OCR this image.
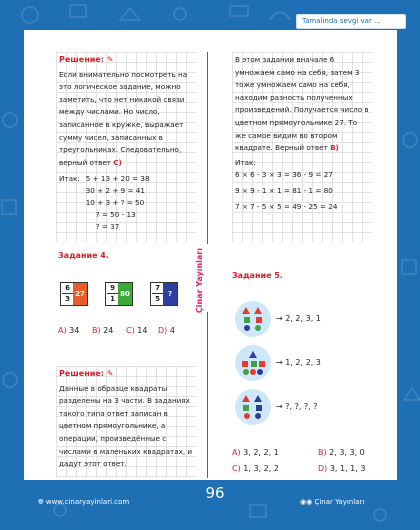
Tamalinda sevgi var ...
Решение: ✎
Если внимательно посмотреть на это логическое задание, можно заметить, что нет никакой связи между числами. Но число, записанное в кружке, выражает сумму чисел, записанных в треугольниках. Следовательно, верный ответ C)
Итак: 5 + 13 + 20 = 38
30 + 2 + 9 = 41
10 + 3 + ? = 50
? = 50 - 13
? = 37
Задание 4.
6
3
27
9
1
80
7
5
?
A) 34 B) 24 C) 14 D) 4
Решение: ✎
Данные в образце квадраты разделены на 3 части. В заданиях такого типа ответ записан в цветном прямоугольнике, а операции, произведённые с числами в маленьких квадратах, и дадут этот ответ.
Çinar Yayınları
В этом задании вначале 6 умножаем само на себя, затем 3 тоже умножаем само на себя, находим разность полученных произведений. Получается число в цветном прямоугольнике 27. То же самое видим во втором квадрате. Верный ответ B)
Итак:
6 × 6 - 3 × 3 = 36 - 9 = 27
9 × 9 - 1 × 1 = 81 - 1 = 80
7 × 7 - 5 × 5 = 49 - 25 = 24
Задание 5.
→ 2, 2, 3, 1
→ 1, 2, 2, 3
→ ?, ?, ?, ?
A) 3, 2, 2, 1	B) 2, 3, 3, 0
C) 1, 3, 2, 2	D) 3, 1, 1, 3
🌐︎ www.cinaryayinlari.com	96	◉◉ Çinar Yayınları
